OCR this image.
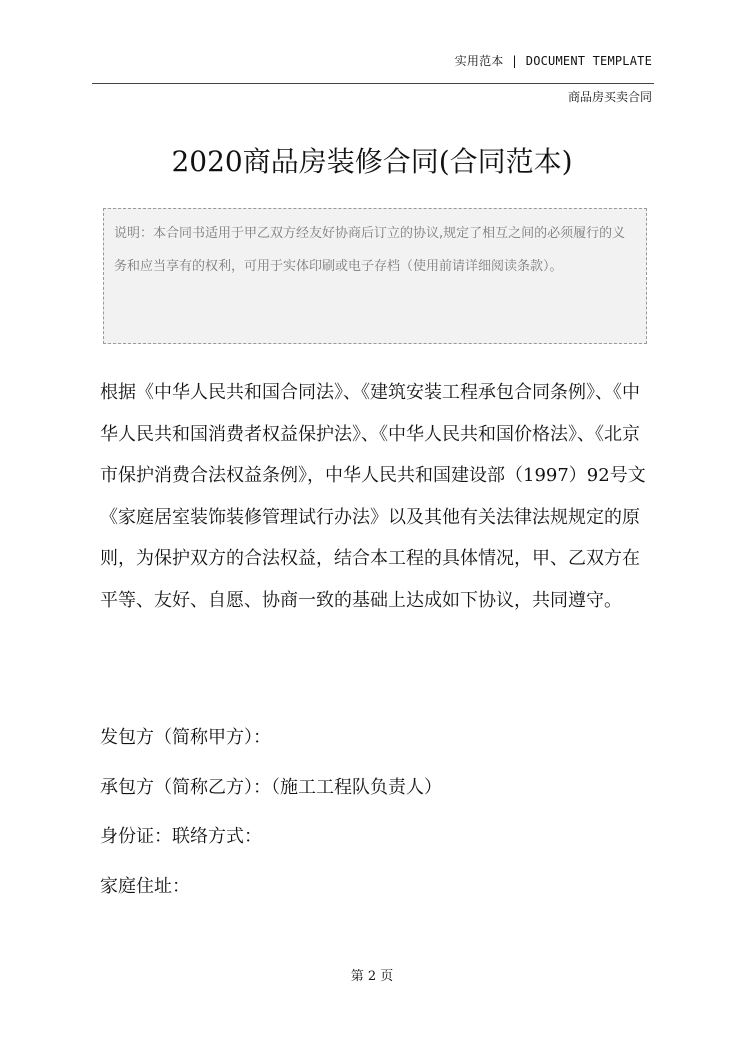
实用范本 | DOCUMENT TEMPLATE
商品房买卖合同
2020商品房装修合同(合同范本)
说明：本合同书适用于甲乙双方经友好协商后订立的协议,规定了相互之间的必须履行的义务和应当享有的权利，可用于实体印刷或电子存档（使用前请详细阅读条款）。

根据《中华人民共和国合同法》、《建筑安装工程承包合同条例》、《中华人民共和国消费者权益保护法》、《中华人民共和国价格法》、《北京市保护消费合法权益条例》，中华人民共和国建设部（1997）92号文《家庭居室装饰装修管理试行办法》以及其他有关法律法规规定的原则，为保护双方的合法权益，结合本工程的具体情况，甲、乙双方在平等、友好、自愿、协商一致的基础上达成如下协议，共同遵守。

发包方（简称甲方）：
承包方（简称乙方）：（施工工程队负责人）
身份证：联络方式：
家庭住址：
第 2 页
